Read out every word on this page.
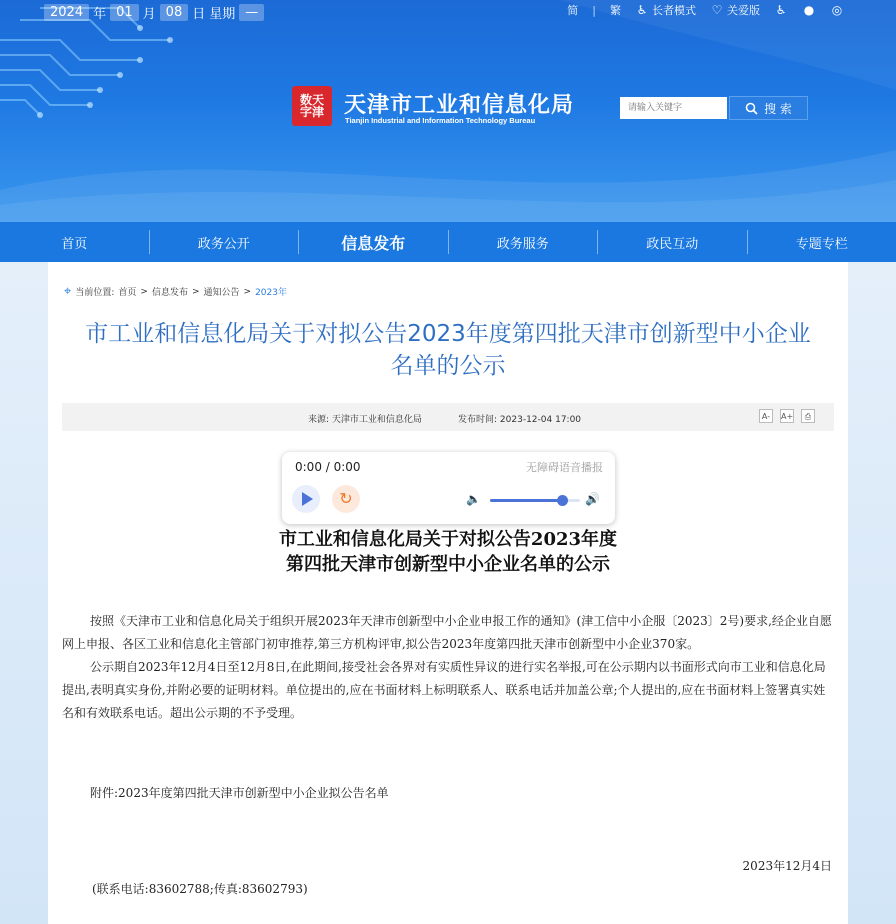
2024 年 01 月 08 日 星期 —	简 | 繁 ♿ 长者模式 ♡ 关爱版 ♿ ● ◎
数天字津 天津市工业和信息化局
Tianjin Industrial and Information Technology Bureau
请输入关键字
搜 索
首页	政务公开	信息发布	政务服务	政民互动	专题专栏
⌖ 当前位置: 首页 > 信息发布 > 通知公告 > 2023年
市工业和信息化局关于对拟公告2023年度第四批天津市创新型中小企业名单的公示
来源: 天津市工业和信息化局	发布时间: 2023-12-04 17:00	A-	A+	⎙
0:00 / 0:00	无障碍语音播报
↻	🔈	🔊
市工业和信息化局关于对拟公告2023年度
第四批天津市创新型中小企业名单的公示

按照《天津市工业和信息化局关于组织开展2023年天津市创新型中小企业申报工作的通知》(津工信中小企服〔2023〕2号)要求,经企业自愿网上申报、各区工业和信息化主管部门初审推荐,第三方机构评审,拟公告2023年度第四批天津市创新型中小企业370家。

公示期自2023年12月4日至12月8日,在此期间,接受社会各界对有实质性异议的进行实名举报,可在公示期内以书面形式向市工业和信息化局提出,表明真实身份,并附必要的证明材料。单位提出的,应在书面材料上标明联系人、联系电话并加盖公章;个人提出的,应在书面材料上签署真实姓名和有效联系电话。超出公示期的不予受理。

附件:2023年度第四批天津市创新型中小企业拟公告名单
2023年12月4日
(联系电话:83602788;传真:83602793)
